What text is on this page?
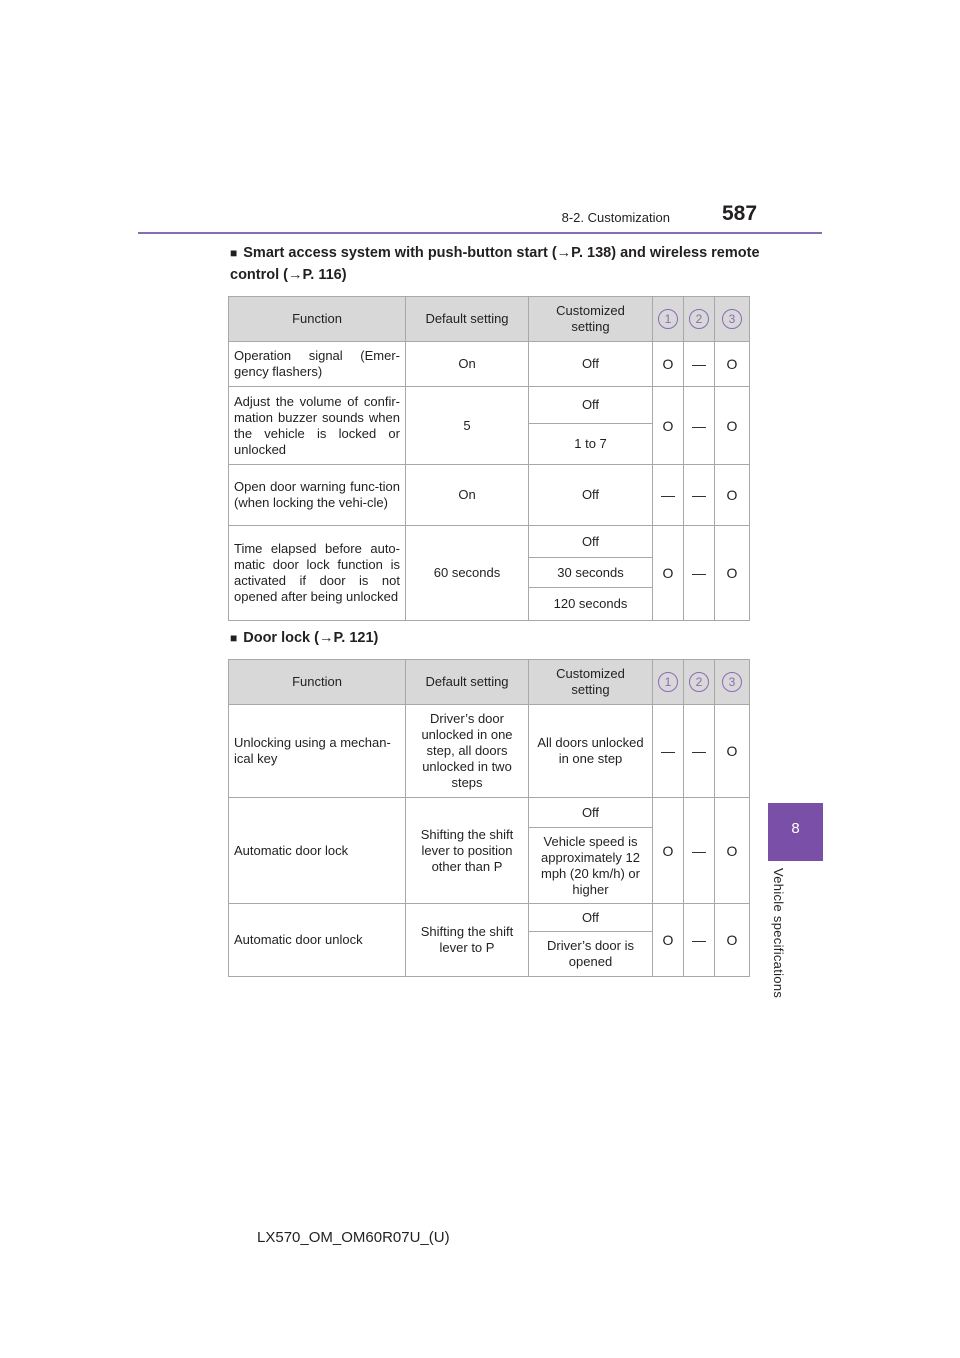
8-2. Customization 587
8
Vehicle specifications
■ Smart access system with push-button start (→P. 138) and wireless remote control (→P. 116)
Function	Default setting	Customized setting	1	2	3
Operation signal (Emer-gency flashers)	On	Off	O	—	O
Adjust the volume of confir-mation buzzer sounds when the vehicle is locked or unlocked	5	Off	O	—	O
		1 to 7			
Open door warning func-tion (when locking the vehi-cle)	On	Off	—	—	O
Time elapsed before auto-matic door lock function is activated if door is not opened after being unlocked	60 seconds	Off	O	—	O
		30 seconds			
		120 seconds			
■ Door lock (→P. 121)
Function	Default setting	Customized setting	1	2	3
Unlocking using a mechan-ical key	Driver’s door unlocked in one step, all doors unlocked in two steps	All doors unlocked in one step	—	—	O
Automatic door lock	Shifting the shift lever to position other than P	Off	O	—	O
		Vehicle speed is approximately 12 mph (20 km/h) or higher			
Automatic door unlock	Shifting the shift lever to P	Off	O	—	O
		Driver’s door is opened			
LX570_OM_OM60R07U_(U)
